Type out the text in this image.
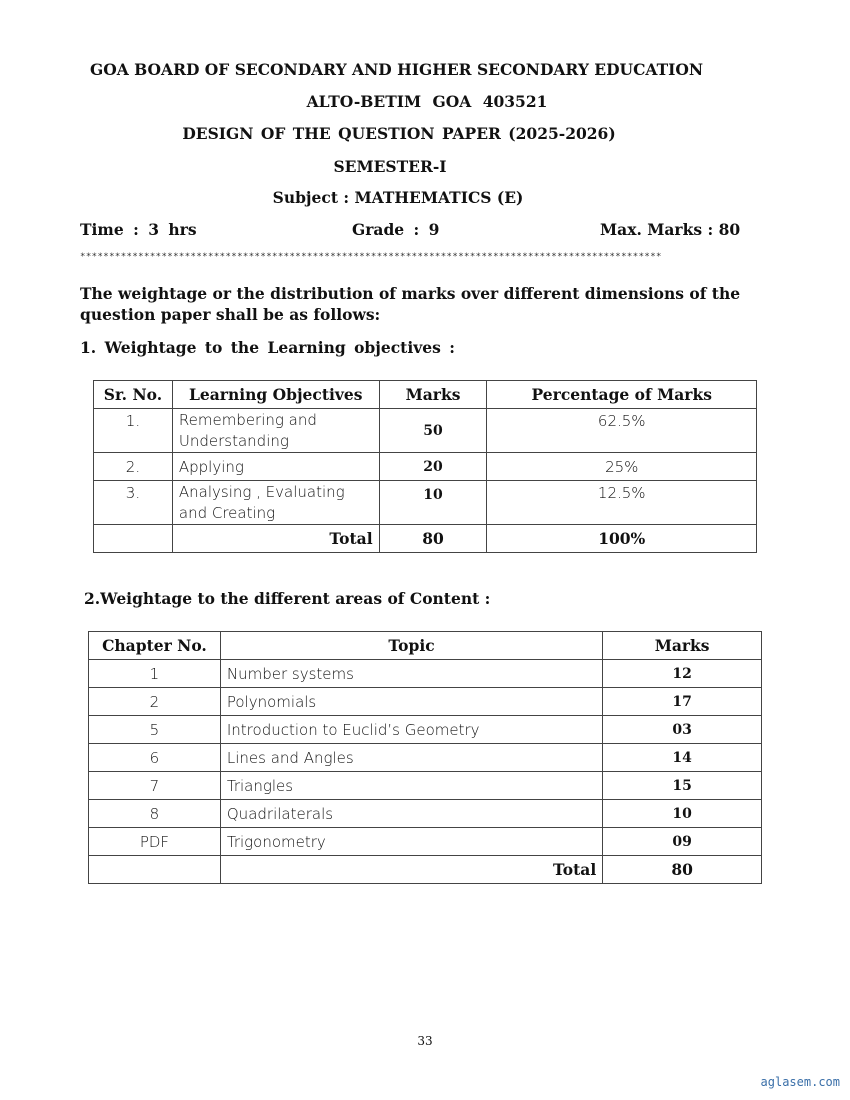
GOA BOARD OF SECONDARY AND HIGHER SECONDARY EDUCATION
ALTO-BETIM GOA 403521
DESIGN OF THE QUESTION PAPER (2025-2026)
SEMESTER-I
Subject : MATHEMATICS (E)
Time : 3 hrs	Grade : 9	Max. Marks : 80
****************************************************************************************************
The weightage or the distribution of marks over different dimensions of the question paper shall be as follows:
1. Weightage to the Learning objectives :
Sr. No.	Learning Objectives	Marks	Percentage of Marks
1.	Remembering and Understanding	50	62.5%
2.	Applying	20	25%
3.	Analysing , Evaluating and Creating	10	12.5%
	Total	80	100%
2.Weightage to the different areas of Content :
Chapter No.	Topic	Marks
1	Number systems	12
2	Polynomials	17
5	Introduction to Euclid’s Geometry	03
6	Lines and Angles	14
7	Triangles	15
8	Quadrilaterals	10
PDF	Trigonometry	09
	Total	80
33
aglasem.com
